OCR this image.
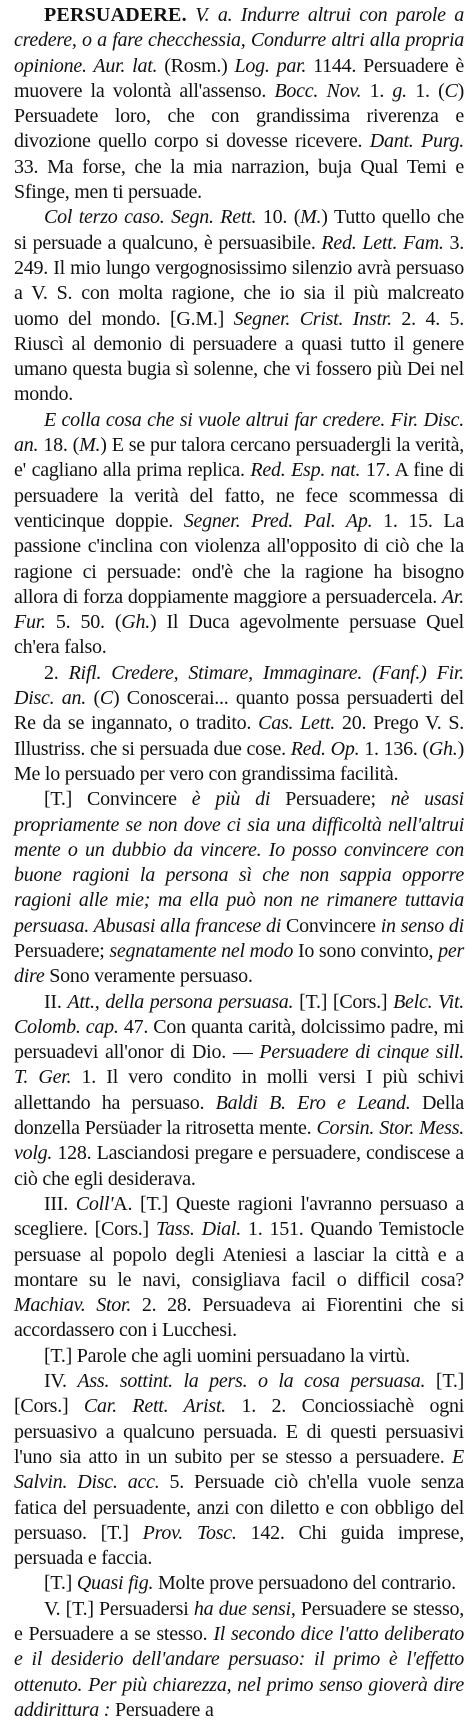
PERSUADERE. V. a. Indurre altrui con parole a credere, o a fare checchessia, Condurre altri alla propria opinione. Aur. lat. (Rosm.) Log. par. 1144. Persuadere è muovere la volontà all'assenso. Bocc. Nov. 1. g. 1. (C) Persuadete loro, che con grandissima riverenza e divozione quello corpo si dovesse ricevere. Dant. Purg. 33. Ma forse, che la mia narrazion, buja Qual Temi e Sfinge, men ti persuade.

Col terzo caso. Segn. Rett. 10. (M.) Tutto quello che si persuade a qualcuno, è persuasibile. Red. Lett. Fam. 3. 249. Il mio lungo vergognosissimo silenzio avrà persuaso a V. S. con molta ragione, che io sia il più malcreato uomo del mondo. [G.M.] Segner. Crist. Instr. 2. 4. 5. Riuscì al demonio di persuadere a quasi tutto il genere umano questa bugia sì solenne, che vi fossero più Dei nel mondo.

E colla cosa che si vuole altrui far credere. Fir. Disc. an. 18. (M.) E se pur talora cercano persuadergli la verità, e' cagliano alla prima replica. Red. Esp. nat. 17. A fine di persuadere la verità del fatto, ne fece scommessa di venticinque doppie. Segner. Pred. Pal. Ap. 1. 15. La passione c'inclina con violenza all'opposito di ciò che la ragione ci persuade: ond'è che la ragione ha bisogno allora di forza doppiamente maggiore a persuadercela. Ar. Fur. 5. 50. (Gh.) Il Duca agevolmente persuase Quel ch'era falso.

2. Rifl. Credere, Stimare, Immaginare. (Fanf.) Fir. Disc. an. (C) Conoscerai... quanto possa persuaderti del Re da se ingannato, o tradito. Cas. Lett. 20. Prego V. S. Illustriss. che si persuada due cose. Red. Op. 1. 136. (Gh.) Me lo persuado per vero con grandissima facilità.

[T.] Convincere è più di Persuadere; nè usasi propriamente se non dove ci sia una difficoltà nell'altrui mente o un dubbio da vincere. Io posso convincere con buone ragioni la persona sì che non sappia opporre ragioni alle mie; ma ella può non ne rimanere tuttavia persuasa. Abusasi alla francese di Convincere in senso di Persuadere; segnatamente nel modo Io sono convinto, per dire Sono veramente persuaso.

II. Att., della persona persuasa. [T.] [Cors.] Belc. Vit. Colomb. cap. 47. Con quanta carità, dolcissimo padre, mi persuadevi all'onor di Dio. — Persuadere di cinque sill. T. Ger. 1. Il vero condito in molli versi I più schivi allettando ha persuaso. Baldi B. Ero e Leand. Della donzella Persüader la ritrosetta mente. Corsin. Stor. Mess. volg. 128. Lasciandosi pregare e persuadere, condiscese a ciò che egli desiderava.

III. Coll'A. [T.] Queste ragioni l'avranno persuaso a scegliere. [Cors.] Tass. Dial. 1. 151. Quando Temistocle persuase al popolo degli Ateniesi a lasciar la città e a montare su le navi, consigliava facil o difficil cosa? Machiav. Stor. 2. 28. Persuadeva ai Fiorentini che si accordassero con i Lucchesi.

[T.] Parole che agli uomini persuadano la virtù.

IV. Ass. sottint. la pers. o la cosa persuasa. [T.] [Cors.] Car. Rett. Arist. 1. 2. Conciossiachè ogni persuasivo a qualcuno persuada. E di questi persuasivi l'uno sia atto in un subito per se stesso a persuadere. E Salvin. Disc. acc. 5. Persuade ciò ch'ella vuole senza fatica del persuadente, anzi con diletto e con obbligo del persuaso. [T.] Prov. Tosc. 142. Chi guida imprese, persuada e faccia.

[T.] Quasi fig. Molte prove persuadono del contrario.

V. [T.] Persuadersi ha due sensi, Persuadere se stesso, e Persuadere a se stesso. Il secondo dice l'atto deliberato e il desiderio dell'andare persuaso: il primo è l'effetto ottenuto. Per più chiarezza, nel primo senso gioverà dire addirittura : Persuadere a
